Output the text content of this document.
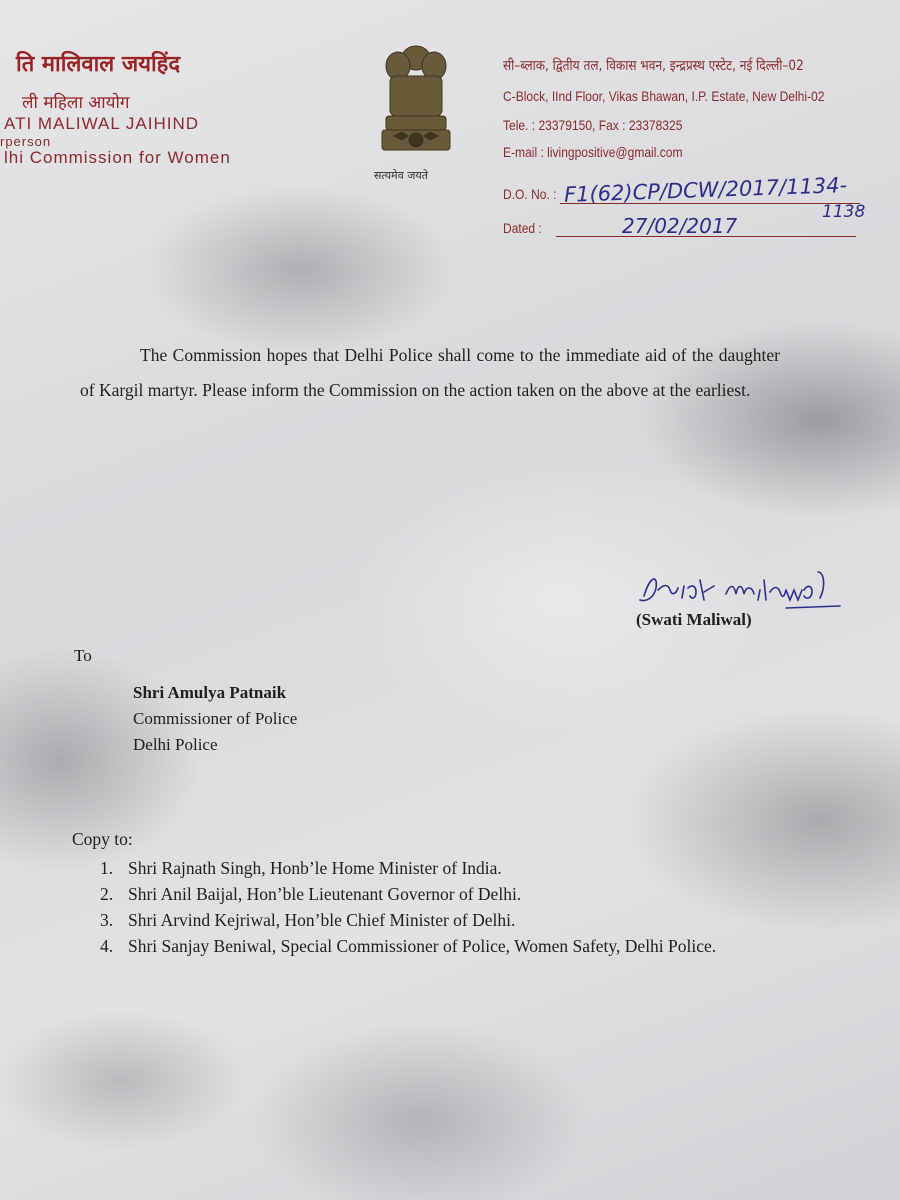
ति मालिवाल जयहिंद
ली महिला आयोग
ATI MALIWAL JAIHIND
rperson
lhi Commission for Women
सत्यमेव जयते
सी–ब्लाक, द्वितीय तल, विकास भवन, इन्द्रप्रस्थ एस्टेट, नई दिल्ली–02
C-Block, IInd Floor, Vikas Bhawan, I.P. Estate, New Delhi-02
Tele. : 23379150, Fax : 23378325
E-mail : livingpositive@gmail.com
D.O. No. : F1(62)CP/DCW/2017/1134-
1138
Dated :	27/02/2017

The Commission hopes that Delhi Police shall come to the immediate aid of the daughter of Kargil martyr. Please inform the Commission on the action taken on the above at the earliest.

(Swati Maliwal)
To
Shri Amulya Patnaik
Commissioner of Police
Delhi Police
Copy to:
1. Shri Rajnath Singh, Honb’le Home Minister of India.
2. Shri Anil Baijal, Hon’ble Lieutenant Governor of Delhi.
3. Shri Arvind Kejriwal, Hon’ble Chief Minister of Delhi.
4. Shri Sanjay Beniwal, Special Commissioner of Police, Women Safety, Delhi Police.
